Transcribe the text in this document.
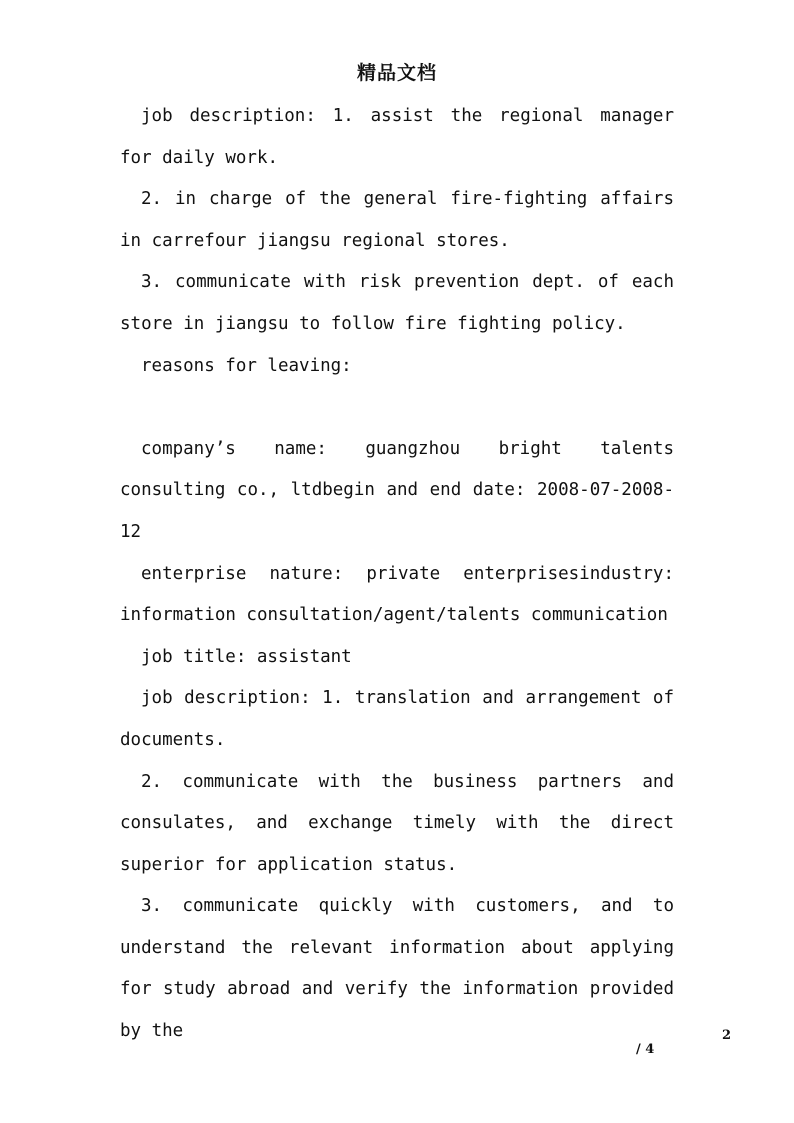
精品文档

job description: 1. assist the regional manager for daily work.

2. in charge of the general fire-fighting affairs in carrefour jiangsu regional stores.

3. communicate with risk prevention dept. of each store in jiangsu to follow fire fighting policy.

reasons for leaving:

company’s name: guangzhou bright talents consulting co., ltdbegin and end date: 2008-07-2008-12

enterprise nature: private enterprisesindustry: information consultation/agent/talents communication

job title: assistant

job description: 1. translation and arrangement of documents.

2. communicate with the business partners and consulates, and exchange timely with the direct superior for application status.

3. communicate quickly with customers, and to understand the relevant information about applying for study abroad and verify the information provided by the	2
/ 4
